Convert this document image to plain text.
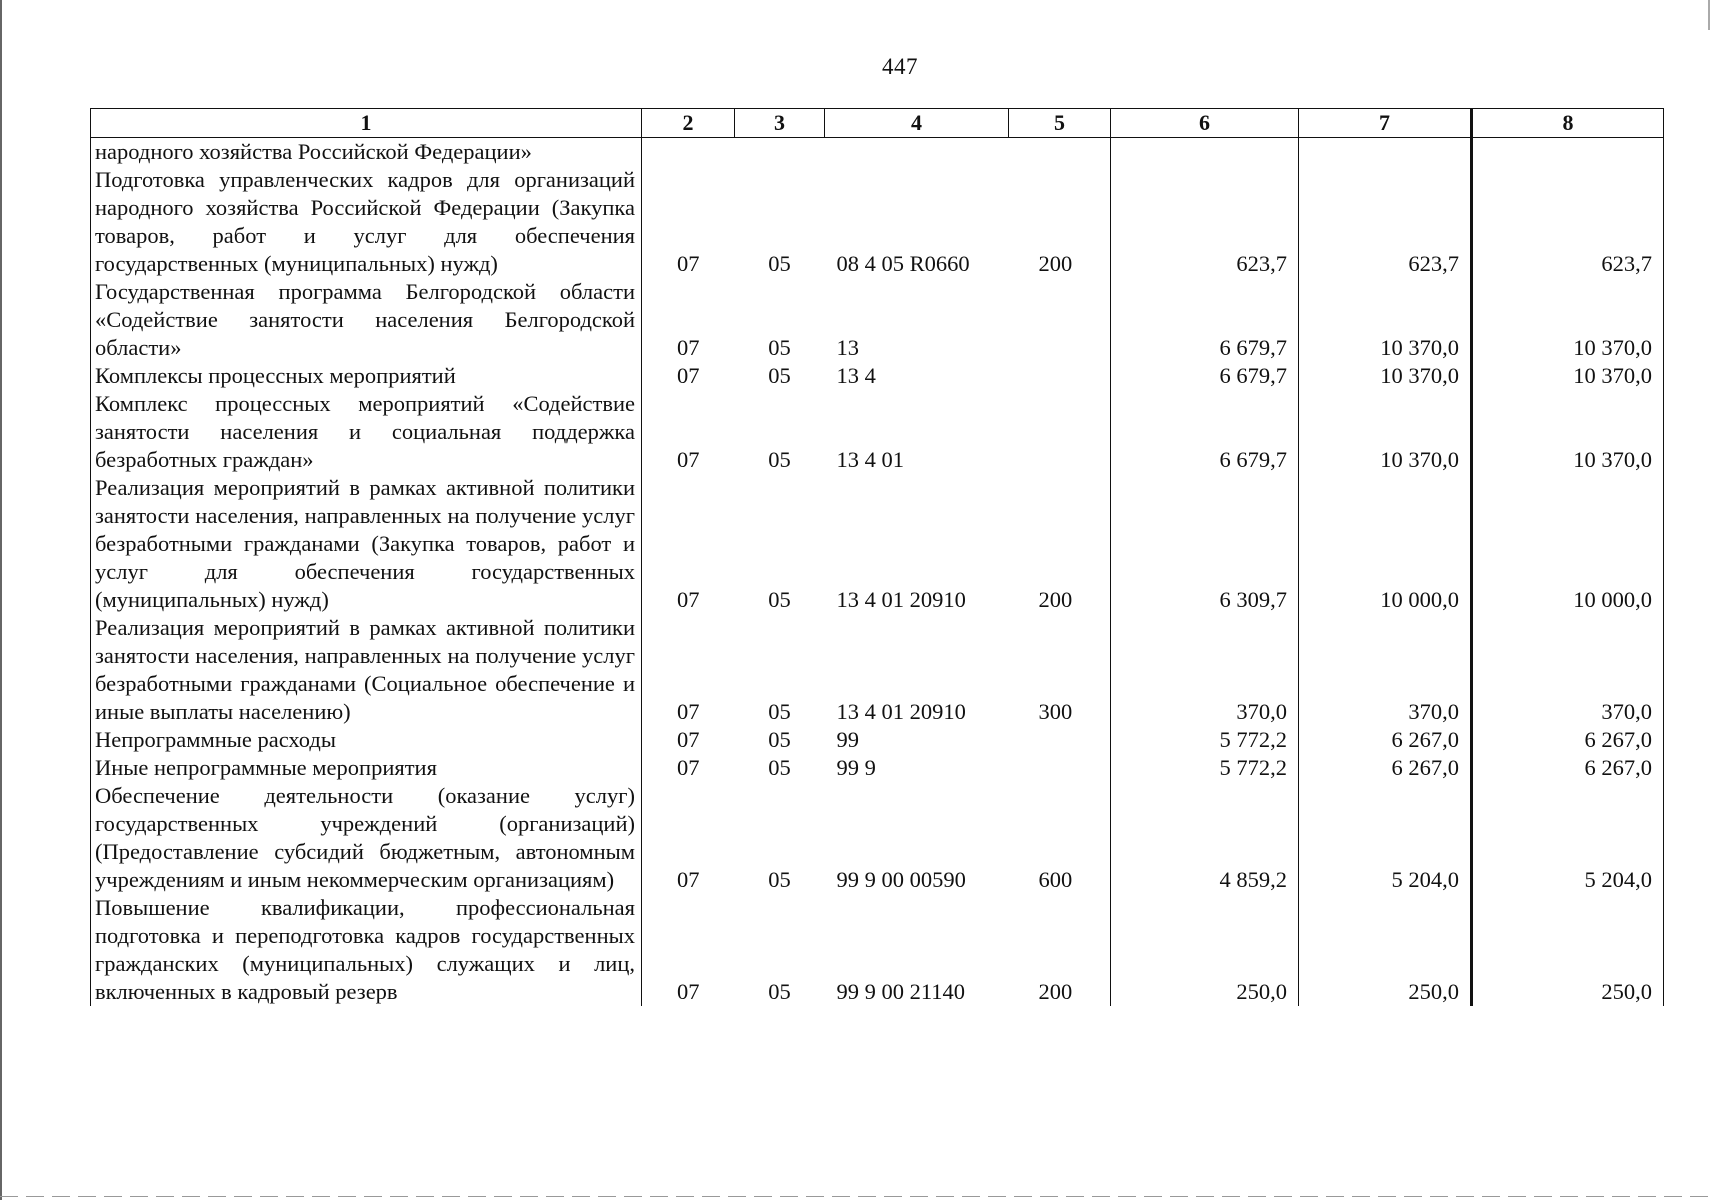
447
1	2	3	4	5	6	7	8
народного хозяйства Российской Федерации»							
Подготовка управленческих кадров для организаций народного хозяйства Российской Федерации (Закупка товаров, работ и услуг для обеспечения государственных (муниципальных) нужд)	07	05	08 4 05 R0660	200	623,7	623,7	623,7
Государственная программа Белгородской области «Содействие занятости населения Белгородской области»	07	05	13		6 679,7	10 370,0	10 370,0
Комплексы процессных мероприятий	07	05	13 4		6 679,7	10 370,0	10 370,0
Комплекс процессных мероприятий «Содействие занятости населения и социальная поддержка безработных граждан»	07	05	13 4 01		6 679,7	10 370,0	10 370,0
Реализация мероприятий в рамках активной политики занятости населения, направленных на получение услуг безработными гражданами (Закупка товаров, работ и услуг для обеспечения государственных (муниципальных) нужд)	07	05	13 4 01 20910	200	6 309,7	10 000,0	10 000,0
Реализация мероприятий в рамках активной политики занятости населения, направленных на получение услуг безработными гражданами (Социальное обеспечение и иные выплаты населению)	07	05	13 4 01 20910	300	370,0	370,0	370,0
Непрограммные расходы	07	05	99		5 772,2	6 267,0	6 267,0
Иные непрограммные мероприятия	07	05	99 9		5 772,2	6 267,0	6 267,0
Обеспечение деятельности (оказание услуг) государственных учреждений (организаций) (Предоставление субсидий бюджетным, автономным учреждениям и иным некоммерческим организациям)	07	05	99 9 00 00590	600	4 859,2	5 204,0	5 204,0
Повышение квалификации, профессиональная подготовка и переподготовка кадров государственных гражданских (муниципальных) служащих и лиц, включенных в кадровый резерв	07	05	99 9 00 21140	200	250,0	250,0	250,0
